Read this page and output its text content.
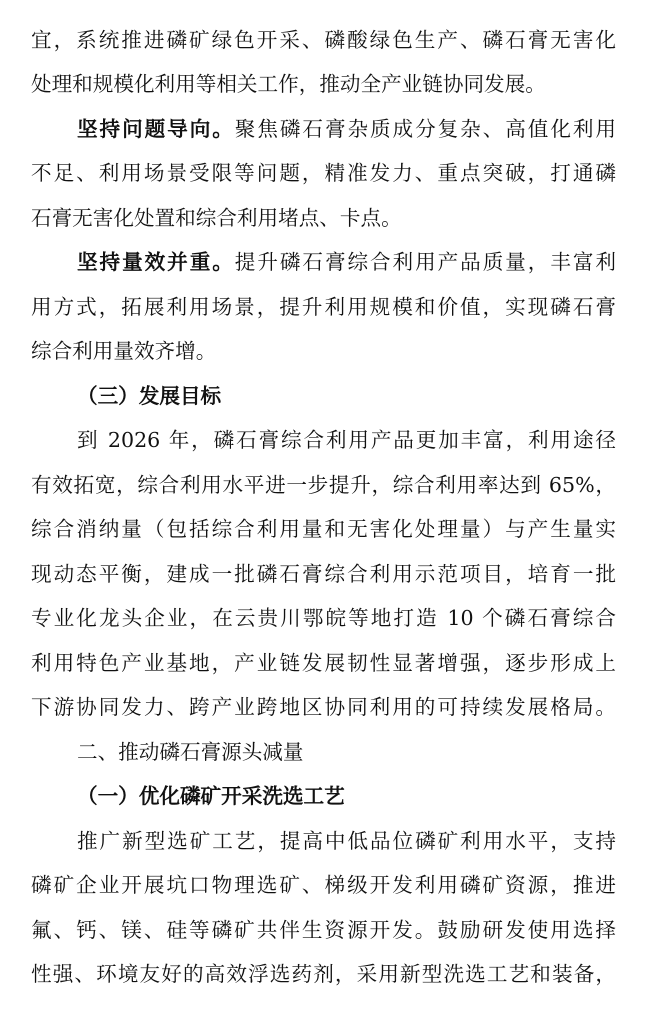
宜，系统推进磷矿绿色开采、磷酸绿色生产、磷石膏无害化
处理和规模化利用等相关工作，推动全产业链协同发展。
坚持问题导向。聚焦磷石膏杂质成分复杂、高值化利用
不足、利用场景受限等问题，精准发力、重点突破，打通磷
石膏无害化处置和综合利用堵点、卡点。
坚持量效并重。提升磷石膏综合利用产品质量，丰富利
用方式，拓展利用场景，提升利用规模和价值，实现磷石膏
综合利用量效齐增。
（三）发展目标
到 2026 年，磷石膏综合利用产品更加丰富，利用途径
有效拓宽，综合利用水平进一步提升，综合利用率达到 65%，
综合消纳量（包括综合利用量和无害化处理量）与产生量实
现动态平衡，建成一批磷石膏综合利用示范项目，培育一批
专业化龙头企业，在云贵川鄂皖等地打造 10 个磷石膏综合
利用特色产业基地，产业链发展韧性显著增强，逐步形成上
下游协同发力、跨产业跨地区协同利用的可持续发展格局。
二、推动磷石膏源头减量
（一）优化磷矿开采洗选工艺
推广新型选矿工艺，提高中低品位磷矿利用水平，支持
磷矿企业开展坑口物理选矿、梯级开发利用磷矿资源，推进
氟、钙、镁、硅等磷矿共伴生资源开发。鼓励研发使用选择
性强、环境友好的高效浮选药剂，采用新型洗选工艺和装备，
